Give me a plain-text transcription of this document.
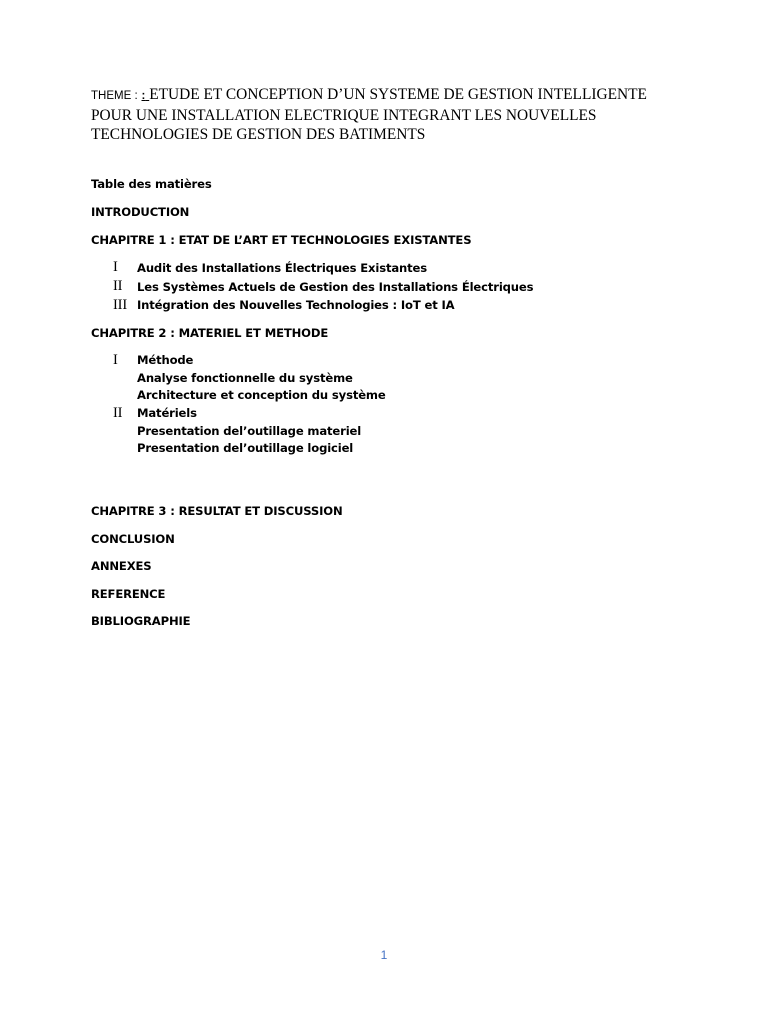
THEME : : ETUDE ET CONCEPTION D’UN SYSTEME DE GESTION INTELLIGENTE POUR UNE INSTALLATION ELECTRIQUE INTEGRANT LES NOUVELLES TECHNOLOGIES DE GESTION DES BATIMENTS
Table des matières
INTRODUCTION
CHAPITRE 1 : ETAT DE L’ART ET TECHNOLOGIES EXISTANTES
I Audit des Installations Électriques Existantes
II Les Systèmes Actuels de Gestion des Installations Électriques
III Intégration des Nouvelles Technologies : IoT et IA
CHAPITRE 2 : MATERIEL ET METHODE
I Méthode
Analyse fonctionnelle du système
Architecture et conception du système
II Matériels
Presentation del’outillage materiel
Presentation del’outillage logiciel
CHAPITRE 3 : RESULTAT ET DISCUSSION
CONCLUSION
ANNEXES
REFERENCE
BIBLIOGRAPHIE
1
